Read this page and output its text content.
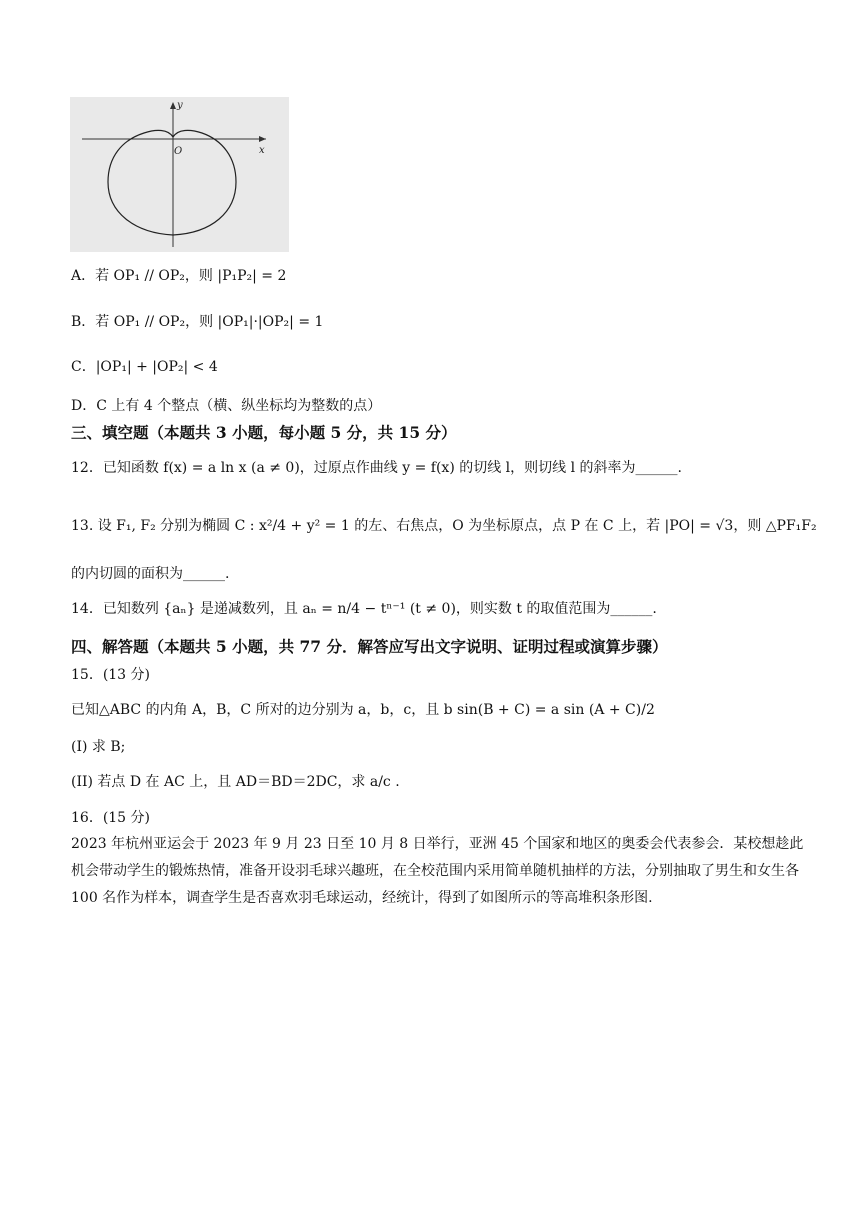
y
x
O
A．若 OP₁ // OP₂，则 |P₁P₂| = 2
B．若 OP₁ // OP₂，则 |OP₁|·|OP₂| = 1
C．|OP₁| + |OP₂| < 4
D．C 上有 4 个整点（横、纵坐标均为整数的点）
三、填空题（本题共 3 小题，每小题 5 分，共 15 分）
12．已知函数 f(x) = a ln x (a ≠ 0)，过原点作曲线 y = f(x) 的切线 l，则切线 l 的斜率为______.
13. 设 F₁, F₂ 分别为椭圆 C : x²/4 + y² = 1 的左、右焦点，O 为坐标原点，点 P 在 C 上，若 |PO| = √3，则 △PF₁F₂
的内切圆的面积为______.
14．已知数列 {aₙ} 是递减数列，且 aₙ = n/4 − tⁿ⁻¹ (t ≠ 0)，则实数 t 的取值范围为______.
四、解答题（本题共 5 小题，共 77 分．解答应写出文字说明、证明过程或演算步骤）
15．(13 分)
已知△ABC 的内角 A，B，C 所对的边分别为 a，b，c，且 b sin(B + C) = a sin (A + C)/2
(I) 求 B;
(II) 若点 D 在 AC 上，且 AD＝BD＝2DC，求 a/c .
16．(15 分)
2023 年杭州亚运会于 2023 年 9 月 23 日至 10 月 8 日举行，亚洲 45 个国家和地区的奥委会代表参会．某校想趁此机会带动学生的锻炼热情，准备开设羽毛球兴趣班，在全校范围内采用简单随机抽样的方法，分别抽取了男生和女生各 100 名作为样本，调查学生是否喜欢羽毛球运动，经统计，得到了如图所示的等高堆积条形图.
